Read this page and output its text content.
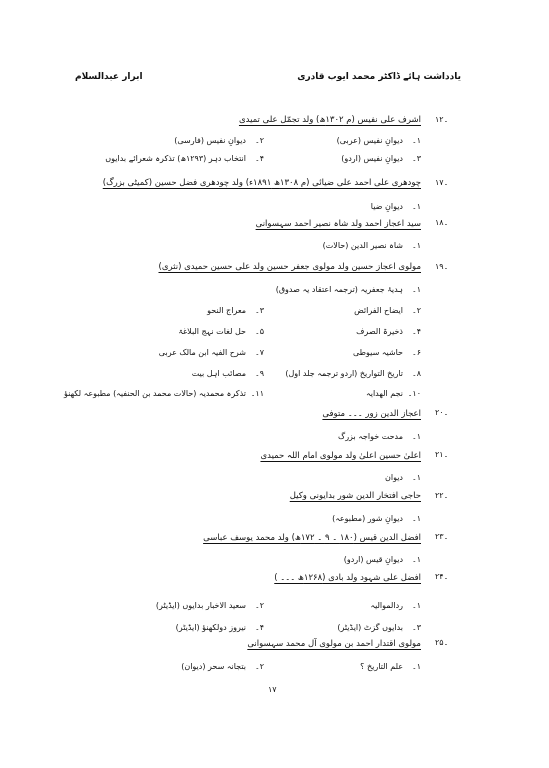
یادداشت ہائے ڈاکٹر محمد ایوب قادری
ابرار عبدالسلام
۱۲۔
اشرف علی نفیس (م ۱۳۰۲ھ) ولد تجمّل علی تمیدی
۱۔
دیوانِ نفیس (عربی)
۲۔
دیوانِ نفیس (فارسی)
۳۔
دیوانِ نفیس (اردو)
۴۔
انتخاب دہر (۱۲۹۳ھ) تذکرہ شعرائے بدایوں
۱۷۔
چودھری علی احمد علی ضیائی (م ۱۳۰۸ھ ۱۸۹۱ء) ولد چودھری فضل حسین (کمیٹی بزرگ)
۱۔
دیوانِ ضیا
۱۸۔
سید اعجاز احمد ولد شاہ نصیر احمد سہسوانی
۱۔
شاہ نصیر الدین (حالات)
۱۹۔
مولوی اعجاز حسین ولد مولوی جعفر حسین ولد علی حسین حمیدی (نثری)
۱۔
ہدیۂ جعفریہ (ترجمہ اعتقاد یہ صدوق)
۲۔
ایضاح الفرائض
۳۔
معراج النحو
۴۔
ذخیرۃ الصرف
۵۔
حل لغات نہج البلاغۃ
۶۔
حاشیہ سیوطی
۷۔
شرح الفیہ ابن مالک عربی
۸۔
تاریخ التواریخ (اردو ترجمہ جلد اول)
۹۔
مصائب اہل بیت
۱۰۔
نجم الھدایہ
۱۱۔
تذکرہ محمدیہ (حالات محمد بن الحنفیہ) مطبوعہ لکھنؤ
۲۰۔
اعجاز الدین زور ۔۔۔ متوفی
۱۔
مدحت خواجہ بزرگ
۲۱۔
اعلیٰ حسین اعلیٰ ولد مولوی امام اللہ حمیدی
۱۔
دیوان
۲۲۔
حاجی افتخار الدین شور بدایونی وکیل
۱۔
دیوانِ شور (مطبوعہ)
۲۳۔
افضل الدین قیس (۱۸۰ ۔ ۹ ۔ ۱۷۲ھ) ولد محمد یوسف عباسی
۱۔
دیوانِ قیس (اردو)
۲۴۔
افضل علی شہود ولد بادی (۱۲۶۸ھ ۔۔۔ )
۱۔
ردالموالیہ
۲۔
سعید الاخبار بدایوں (ایڈیٹر)
۳۔
بدایوں گزٹ (ایڈیٹر)
۴۔
نیروز دولکھنؤ (ایڈیٹر)
۲۵۔
مولوی اقتدار احمد بن مولوی آل محمد سہسوانی
۱۔
علم التاریخ ؟
۲۔
بتجانہ سحر (دیوان)
۱۷
